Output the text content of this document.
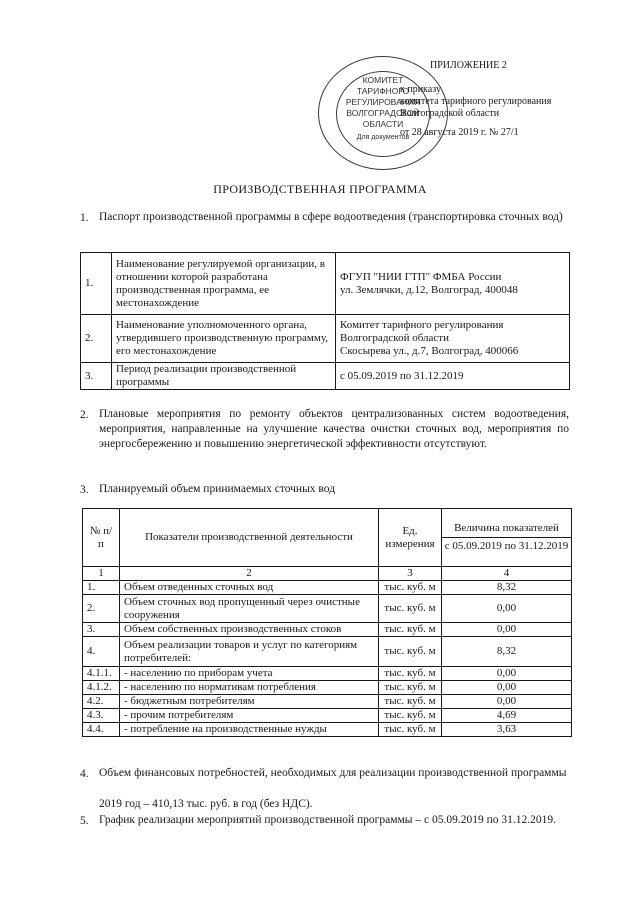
КОМИТЕТ
ТАРИФНОГО
РЕГУЛИРОВАНИЯ
ВОЛГОГРАДСКОЙ
ОБЛАСТИ
Для документов
ПРИЛОЖЕНИЕ 2
к приказу
комитета тарифного регулирования
Волгоградской области
от 28 августа 2019 г. № 27/1
ПРОИЗВОДСТВЕННАЯ ПРОГРАММА
1. Паспорт производственной программы в сфере водоотведения (транспортировка сточных вод)
1.	Наименование регулируемой организации, в отношении которой разработана производственная программа, ее местонахождение	ФГУП "НИИ ГТП" ФМБА России
ул. Землячки, д.12, Волгоград, 400048

2.	Наименование уполномоченного органа, утвердившего производственную программу, его местонахождение	Комитет тарифного регулирования
Волгоградской области
Скосырева ул., д.7, Волгоград, 400066

3.	Период реализации производственной программы	с 05.09.2019 по 31.12.2019
2. Плановые мероприятия по ремонту объектов централизованных систем водоотведения, мероприятия, направленные на улучшение качества очистки сточных вод, мероприятия по энергосбережению и повышению энергетической эффективности отсутствуют.
3. Планируемый объем принимаемых сточных вод
№ п/п	Показатели производственной деятельности	Ед. измерения	Величина показателей
с 05.09.2019 по 31.12.2019

1	2	3	4
1.	Объем отведенных сточных вод	тыс. куб. м	8,32
2.	Объем сточных вод пропущенный через очистные сооружения	тыс. куб. м	0,00
3.	Объем собственных производственных стоков	тыс. куб. м	0,00
4.	Объем реализации товаров и услуг по категориям потребителей:	тыс. куб. м	8,32
4.1.1.	- населению по приборам учета	тыс. куб. м	0,00
4.1.2.	- населению по нормативам потребления	тыс. куб. м	0,00
4.2.	- бюджетным потребителям	тыс. куб. м	0,00
4.3.	- прочим потребителям	тыс. куб. м	4,69
4.4.	- потребление на производственные нужды	тыс. куб. м	3,63
4. Объем финансовых потребностей, необходимых для реализации производственной программы
2019 год – 410,13 тыс. руб. в год (без НДС).
5. График реализации мероприятий производственной программы – с 05.09.2019 по 31.12.2019.
